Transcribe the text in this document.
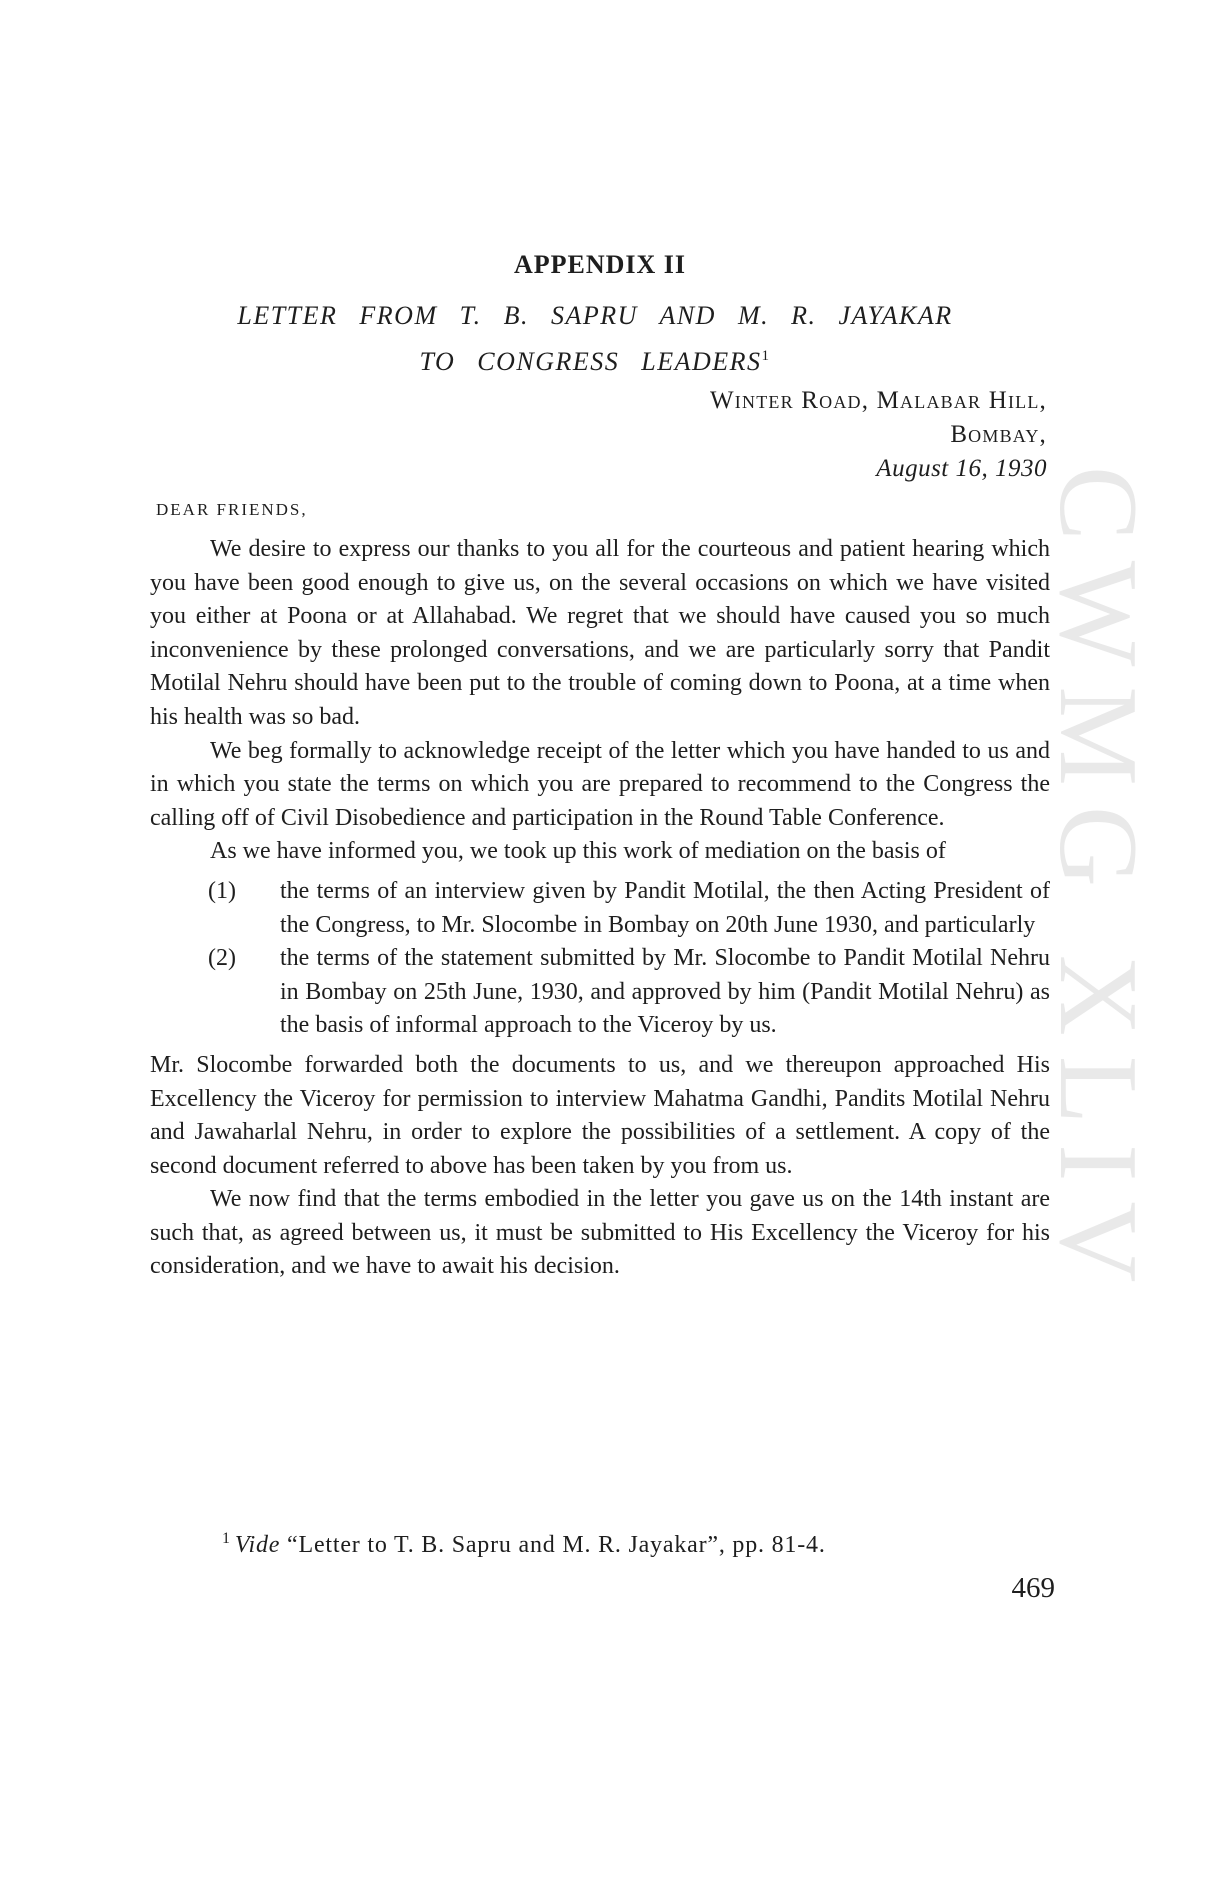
CWMG XLIV
APPENDIX II
LETTER FROM T. B. SAPRU AND M. R. JAYAKAR
TO CONGRESS LEADERS$^1$
Winter Road, Malabar Hill,
Bombay,
August 16, 1930
DEAR FRIENDS,

We desire to express our thanks to you all for the courteous and patient hearing which you have been good enough to give us, on the several occasions on which we have visited you either at Poona or at Allahabad. We regret that we should have caused you so much inconvenience by these prolonged conversations, and we are particularly sorry that Pandit Motilal Nehru should have been put to the trouble of coming down to Poona, at a time when his health was so bad.

We beg formally to acknowledge receipt of the letter which you have handed to us and in which you state the terms on which you are prepared to recommend to the Congress the calling off of Civil Disobedience and participation in the Round Table Conference.

As we have informed you, we took up this work of mediation on the basis of

(1)	the terms of an interview given by Pandit Motilal, the then Acting President of the Congress, to Mr. Slocombe in Bombay on 20th June 1930, and particularly
(2)	the terms of the statement submitted by Mr. Slocombe to Pandit Motilal Nehru in Bombay on 25th June, 1930, and approved by him (Pandit Motilal Nehru) as the basis of informal approach to the Viceroy by us.

Mr. Slocombe forwarded both the documents to us, and we thereupon approached His Excellency the Viceroy for permission to interview Mahatma Gandhi, Pandits Motilal Nehru and Jawaharlal Nehru, in order to explore the possibilities of a settlement. A copy of the second document referred to above has been taken by you from us.

We now find that the terms embodied in the letter you gave us on the 14th instant are such that, as agreed between us, it must be submitted to His Excellency the Viceroy for his consideration, and we have to await his decision.

$^1$ Vide “Letter to T. B. Sapru and M. R. Jayakar”, pp. 81-4.
469
